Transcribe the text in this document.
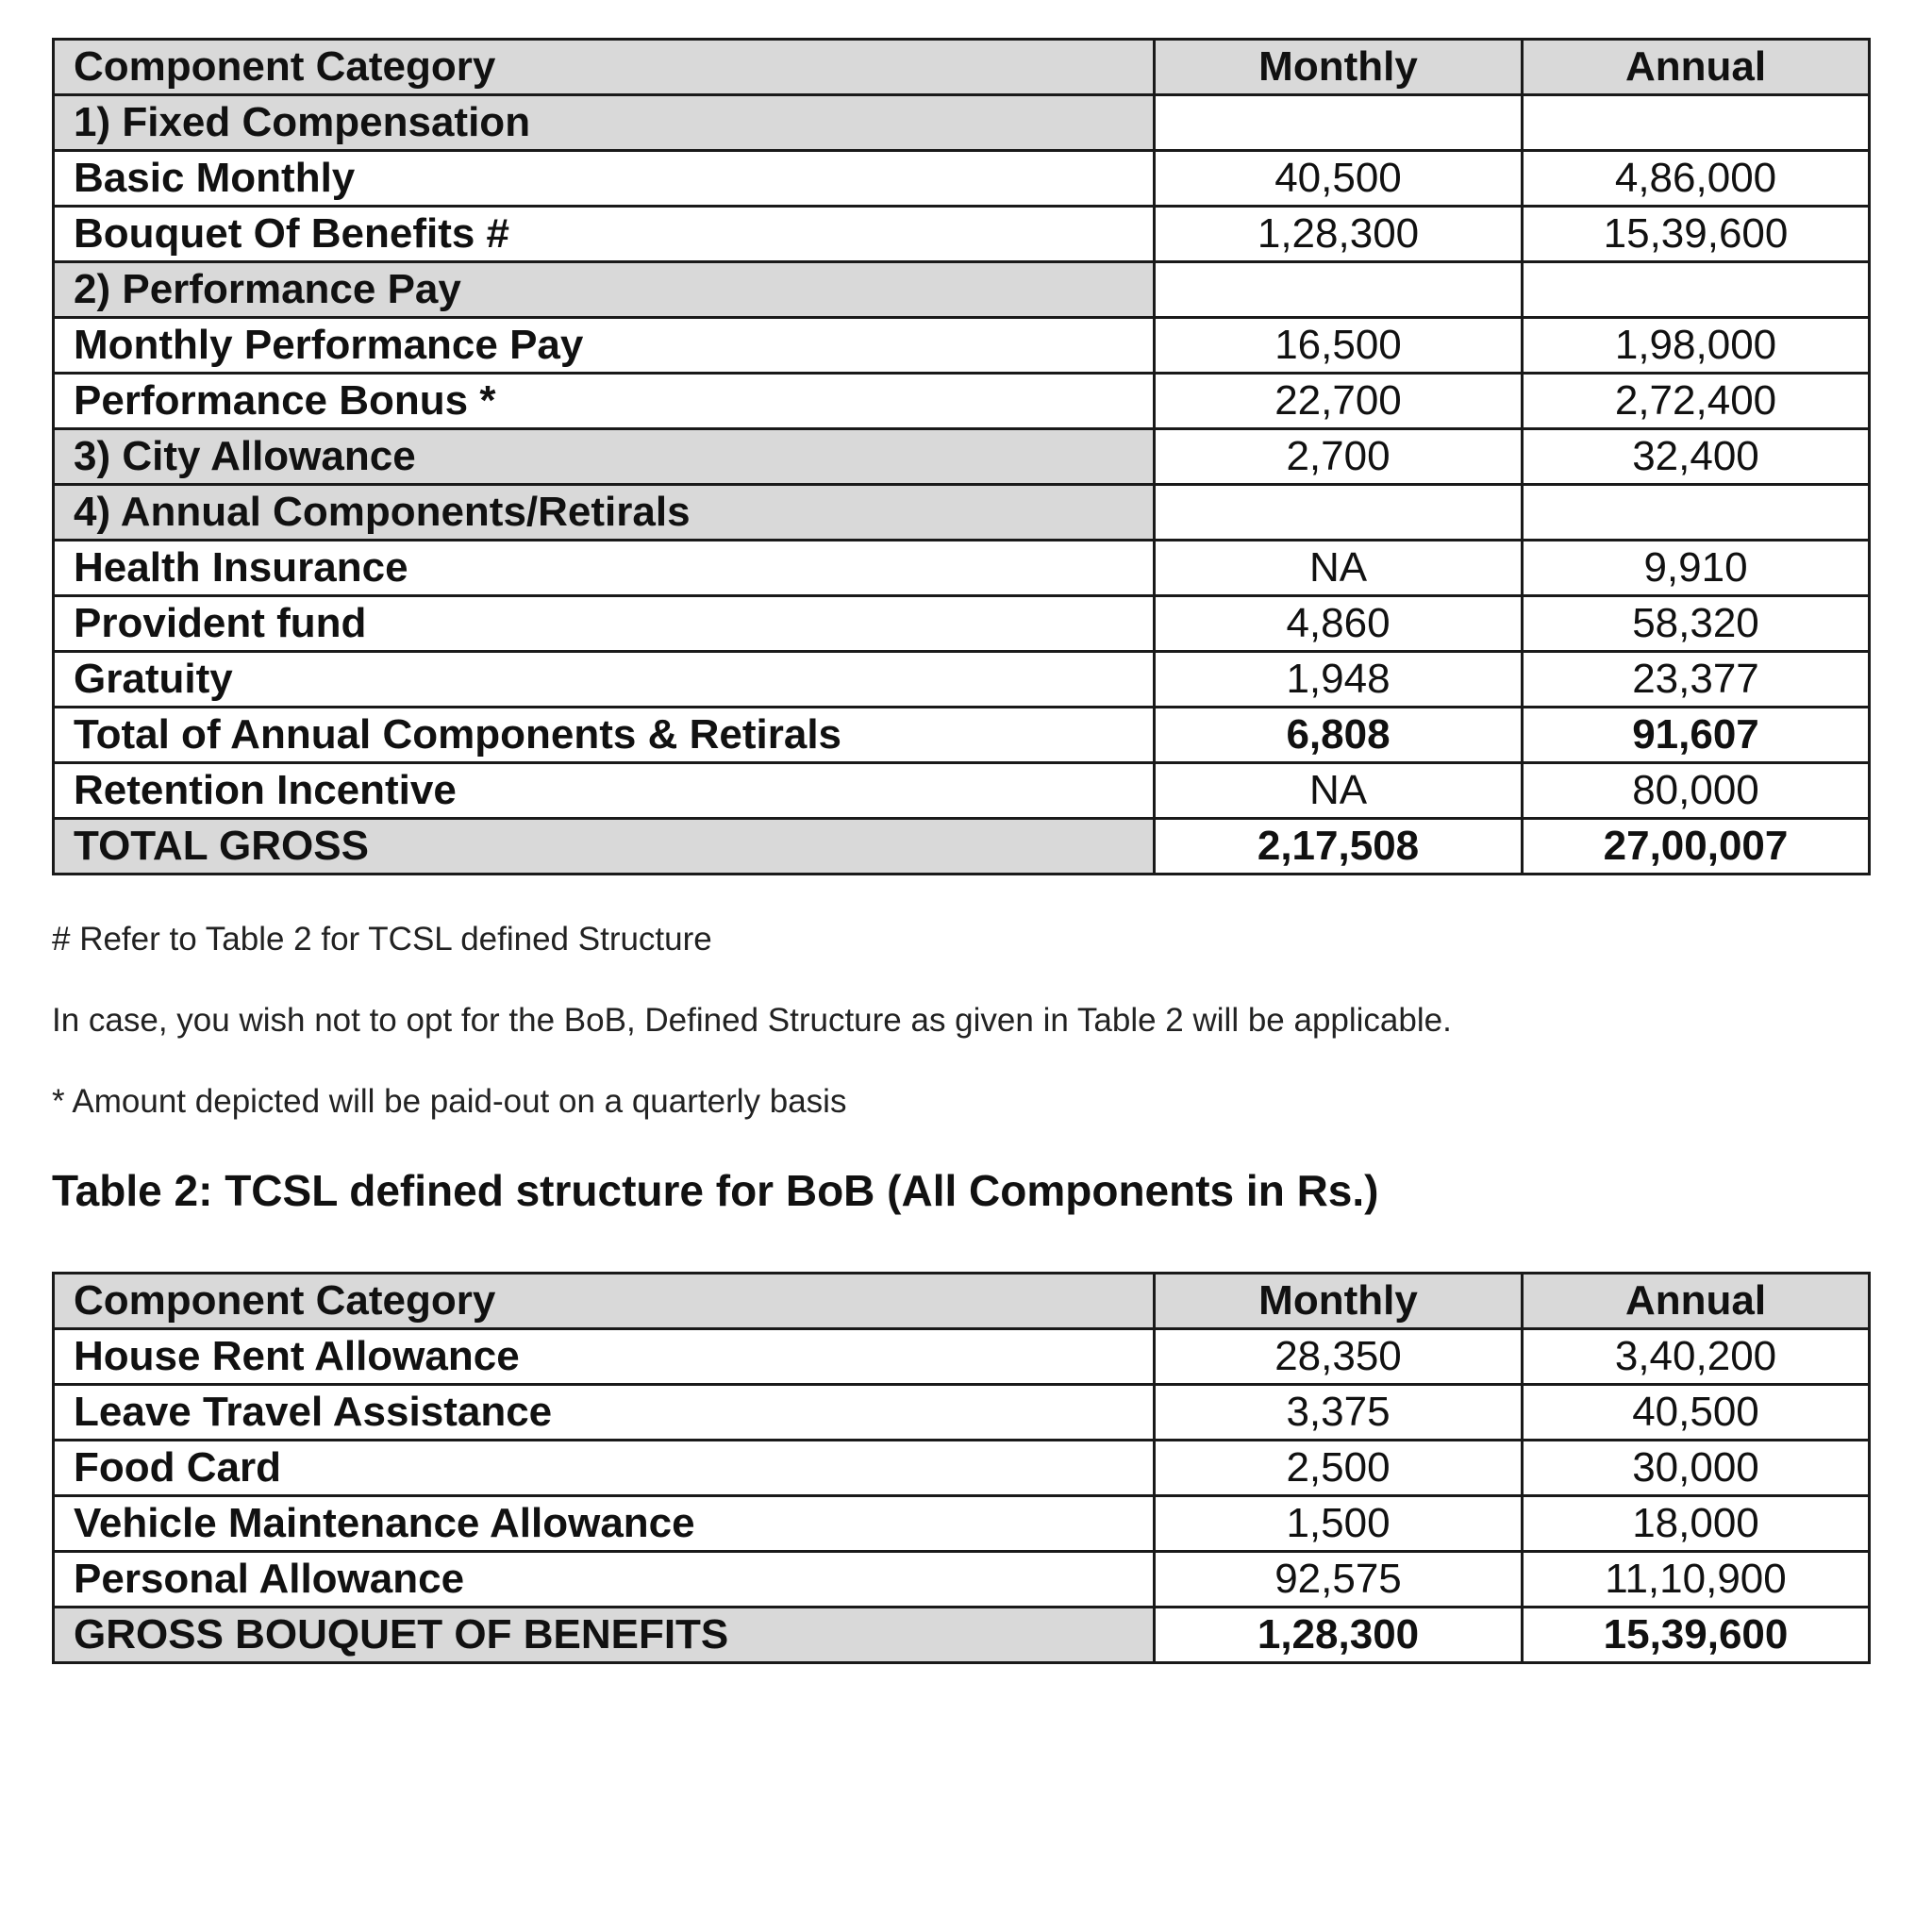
Component Category	Monthly	Annual
1) Fixed Compensation		
Basic Monthly	40,500	4,86,000
Bouquet Of Benefits #	1,28,300	15,39,600
2) Performance Pay		
Monthly Performance Pay	16,500	1,98,000
Performance Bonus *	22,700	2,72,400
3) City Allowance	2,700	32,400
4) Annual Components/Retirals		
Health Insurance	NA	9,910
Provident fund	4,860	58,320
Gratuity	1,948	23,377
Total of Annual Components & Retirals	6,808	91,607
Retention Incentive	NA	80,000
TOTAL GROSS	2,17,508	27,00,007

# Refer to Table 2 for TCSL defined Structure

In case, you wish not to opt for the BoB, Defined Structure as given in Table 2 will be applicable.

* Amount depicted will be paid-out on a quarterly basis

Table 2: TCSL defined structure for BoB (All Components in Rs.)
Component Category	Monthly	Annual
House Rent Allowance	28,350	3,40,200
Leave Travel Assistance	3,375	40,500
Food Card	2,500	30,000
Vehicle Maintenance Allowance	1,500	18,000
Personal Allowance	92,575	11,10,900
GROSS BOUQUET OF BENEFITS	1,28,300	15,39,600
